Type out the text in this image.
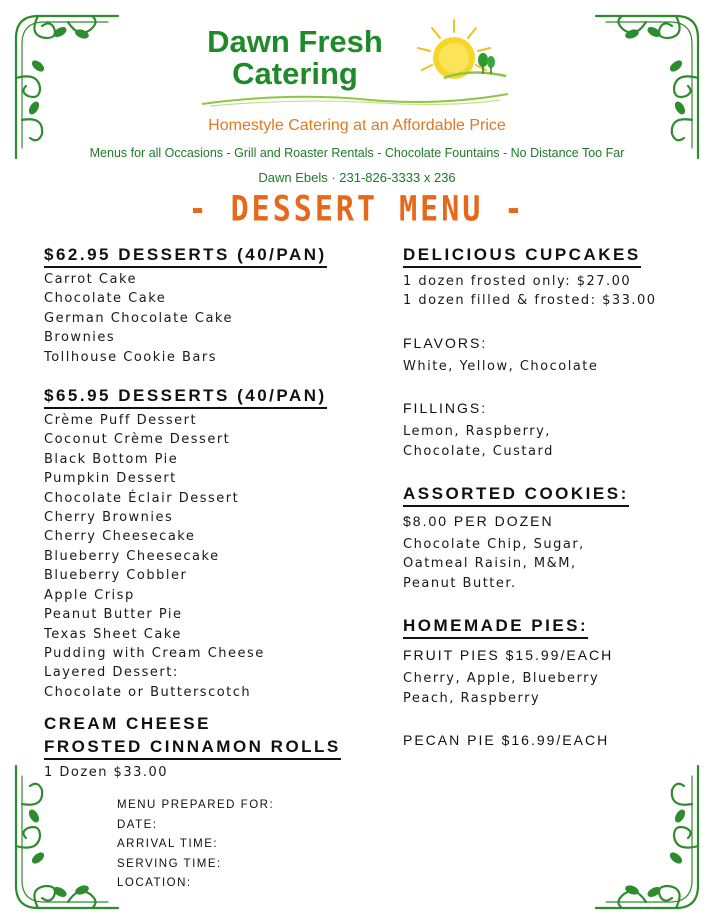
Dawn Fresh
Catering
Homestyle Catering at an Affordable Price
Menus for all Occasions - Grill and Roaster Rentals - Chocolate Fountains - No Distance Too Far
Dawn Ebels · 231-826-3333 x 236
- DESSERT MENU -
$62.95 DESSERTS (40/PAN)
Carrot Cake
Chocolate Cake
German Chocolate Cake
Brownies
Tollhouse Cookie Bars
$65.95 DESSERTS (40/PAN)
Crème Puff Dessert
Coconut Crème Dessert
Black Bottom Pie
Pumpkin Dessert
Chocolate Éclair Dessert
Cherry Brownies
Cherry Cheesecake
Blueberry Cheesecake
Blueberry Cobbler
Apple Crisp
Peanut Butter Pie
Texas Sheet Cake
Pudding with Cream Cheese
Layered Dessert:
Chocolate or Butterscotch
CREAM CHEESE
FROSTED CINNAMON ROLLS
1 Dozen $33.00
DELICIOUS CUPCAKES
1 dozen frosted only: $27.00
1 dozen filled & frosted: $33.00
FLAVORS:
White, Yellow, Chocolate
FILLINGS:
Lemon, Raspberry,
Chocolate, Custard
ASSORTED COOKIES:
$8.00 PER DOZEN
Chocolate Chip, Sugar,
Oatmeal Raisin, M&M,
Peanut Butter.
HOMEMADE PIES:
FRUIT PIES $15.99/EACH
Cherry, Apple, Blueberry
Peach, Raspberry
PECAN PIE $16.99/EACH
MENU PREPARED FOR:
DATE:
ARRIVAL TIME:
SERVING TIME:
LOCATION:
